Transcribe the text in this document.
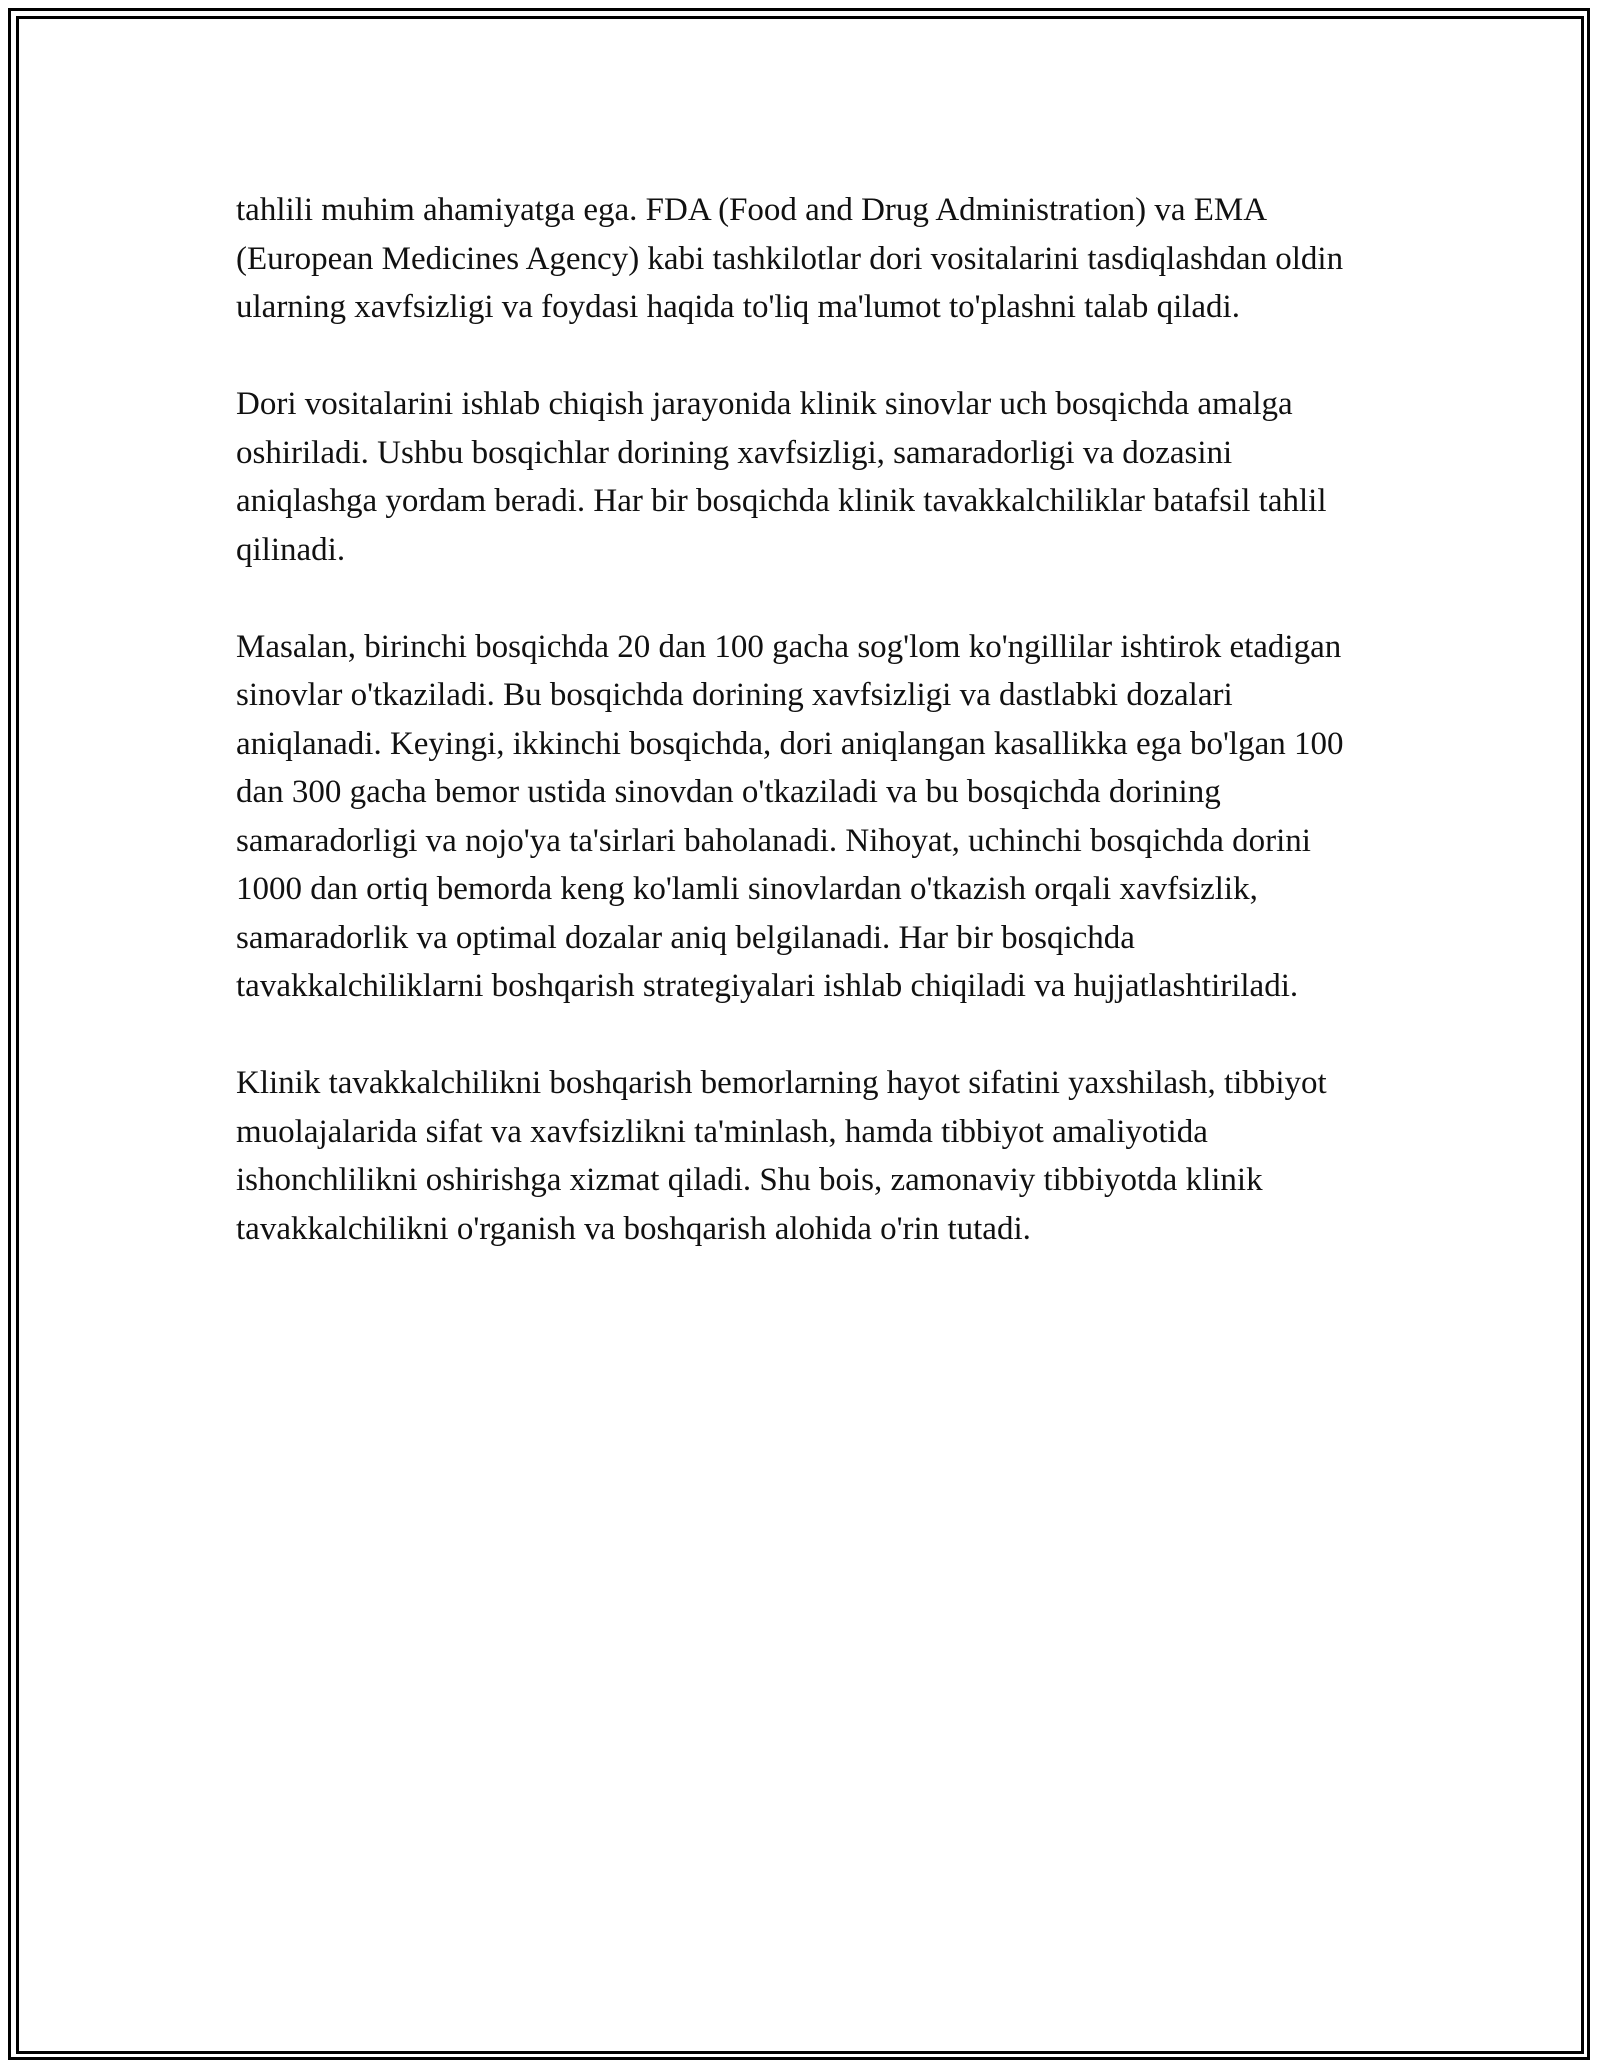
tahlili muhim ahamiyatga ega. FDA (Food and Drug Administration) va EMA (European Medicines Agency) kabi tashkilotlar dori vositalarini tasdiqlashdan oldin ularning xavfsizligi va foydasi haqida to'liq ma'lumot to'plashni talab qiladi.

Dori vositalarini ishlab chiqish jarayonida klinik sinovlar uch bosqichda amalga oshiriladi. Ushbu bosqichlar dorining xavfsizligi, samaradorligi va dozasini aniqlashga yordam beradi. Har bir bosqichda klinik tavakkalchiliklar batafsil tahlil qilinadi.

Masalan, birinchi bosqichda 20 dan 100 gacha sog'lom ko'ngillilar ishtirok etadigan sinovlar o'tkaziladi. Bu bosqichda dorining xavfsizligi va dastlabki dozalari aniqlanadi. Keyingi, ikkinchi bosqichda, dori aniqlangan kasallikka ega bo'lgan 100 dan 300 gacha bemor ustida sinovdan o'tkaziladi va bu bosqichda dorining samaradorligi va nojo'ya ta'sirlari baholanadi. Nihoyat, uchinchi bosqichda dorini 1000 dan ortiq bemorda keng ko'lamli sinovlardan o'tkazish orqali xavfsizlik, samaradorlik va optimal dozalar aniq belgilanadi. Har bir bosqichda tavakkalchiliklarni boshqarish strategiyalari ishlab chiqiladi va hujjatlashtiriladi.

Klinik tavakkalchilikni boshqarish bemorlarning hayot sifatini yaxshilash, tibbiyot muolajalarida sifat va xavfsizlikni ta'minlash, hamda tibbiyot amaliyotida ishonchlilikni oshirishga xizmat qiladi. Shu bois, zamonaviy tibbiyotda klinik tavakkalchilikni o'rganish va boshqarish alohida o'rin tutadi.
